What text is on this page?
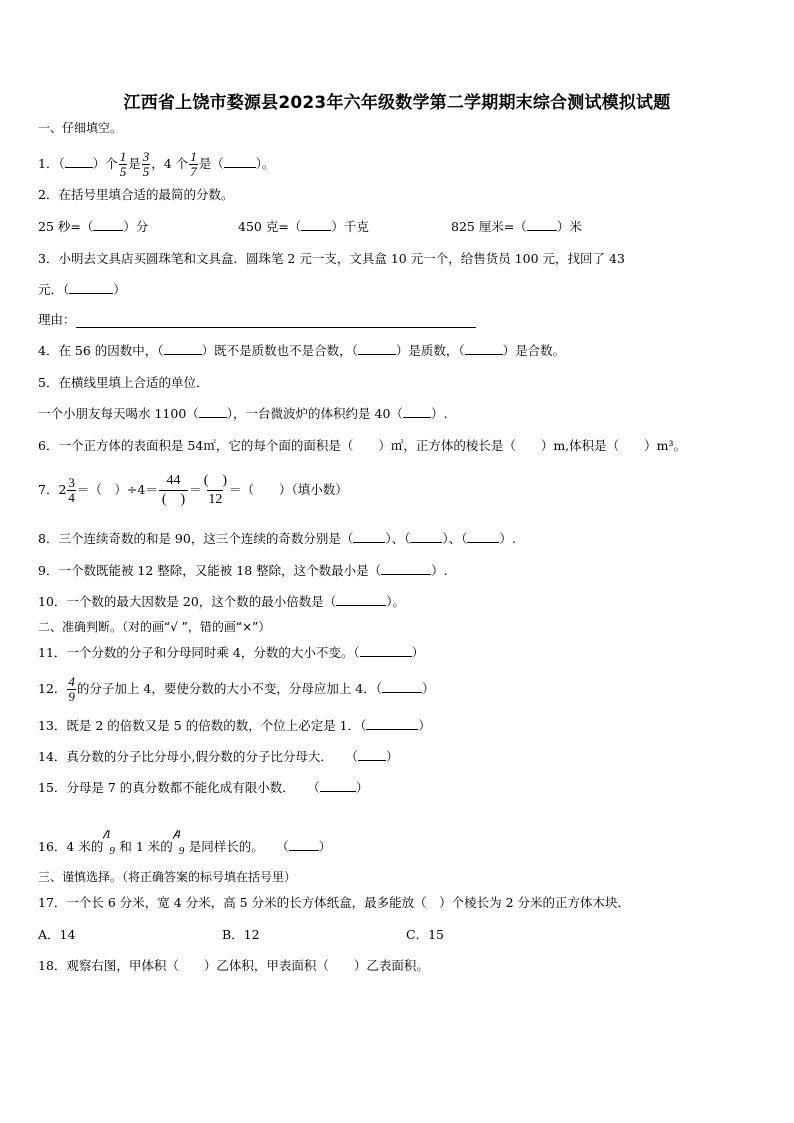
江西省上饶市婺源县2023年六年级数学第二学期期末综合测试模拟试题
一、仔细填空。
1．（ ）个 $\frac{1}{5}$ 是 $\frac{3}{5}$ ，4 个 $\frac{1}{7}$ 是（	）。
2．在括号里填合适的最简的分数。
25 秒=（ ）分	450 克=（ ）千克	825 厘米=（ ）米
3．小明去文具店买圆珠笔和文具盒．圆珠笔 2 元一支，文具盒 10 元一个，给售货员 100 元，找回了 43
元．（	）
理由：
4．在 56 的因数中，（	）既不是质数也不是合数，（	）是质数，（	）是合数。
5．在横线里填上合适的单位．
一个小朋友每天喝水 1100（ ），一台微波炉的体积约是 40（ ）.
6．一个正方体的表面积是 54㎡，它的每个面的面积是（　　）㎡，正方体的棱长是（　　）m,体积是（　　）m³。
7．$2 \frac{3}{4}$ ＝（　）$\div 4= \frac{44}{( )} = \frac{( )}{12}$ ＝（　　）（填小数）
8．三个连续奇数的和是 90，这三个连续的奇数分别是（	）、（	）、（	）.
9．一个数既能被 12 整除，又能被 18 整除，这个数最小是（	）.
10．一个数的最大因数是 20，这个数的最小倍数是（	）。
二、准确判断。（对的画“√ ”，错的画“×”）
11．一个分数的分子和分母同时乘 4，分数的大小不变。（	）
12． $\frac{4}{9}$ 的分子加上 4，要使分数的大小不变，分母应加上 4．（	）
13．既是 2 的倍数又是 5 的倍数的数，个位上必定是 1．（	）
14．真分数的分子比分母小,假分数的分子比分母大．　　（ ）
15．分母是 7 的真分数都不能化成有限小数．　　（	）
16．4 米的
1
9 和 1 米的
4
9 是同样长的。　　（ ）
三、谨慎选择。（将正确答案的标号填在括号里）
17．一个长 6 分米，宽 4 分米，高 5 分米的长方体纸盒，最多能放（　）个棱长为 2 分米的正方体木块．
A．14	B．12	C．15
18．观察右图，甲体积（　　）乙体积，甲表面积（　　）乙表面积。
